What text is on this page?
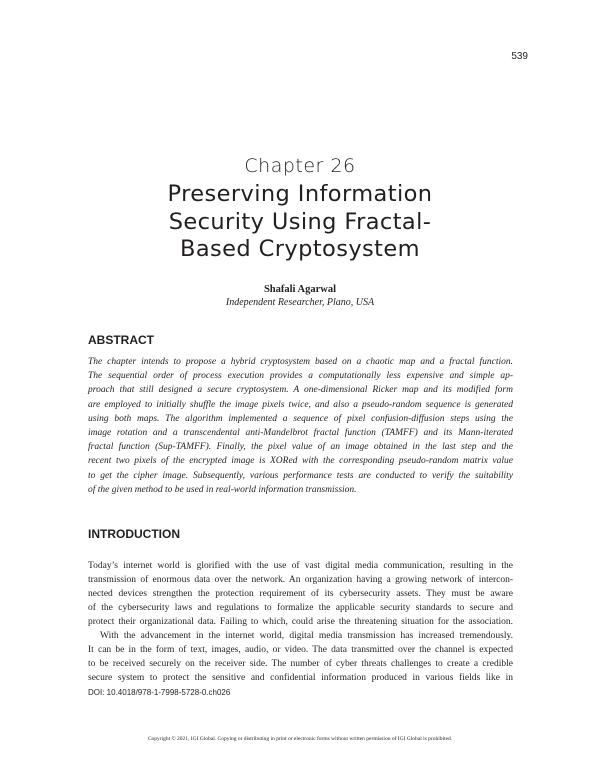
539
Chapter 26
Preserving Information
Security Using Fractal-
Based Cryptosystem
Shafali Agarwal
Independent Researcher, Plano, USA
ABSTRACT
The chapter intends to propose a hybrid cryptosystem based on a chaotic map and a fractal function.
The sequential order of process execution provides a computationally less expensive and simple ap-
proach that still designed a secure cryptosystem. A one-dimensional Ricker map and its modified form
are employed to initially shuffle the image pixels twice, and also a pseudo-random sequence is generated
using both maps. The algorithm implemented a sequence of pixel confusion-diffusion steps using the
image rotation and a transcendental anti-Mandelbrot fractal function (TAMFF) and its Mann-iterated
fractal function (Sup-TAMFF). Finally, the pixel value of an image obtained in the last step and the
recent two pixels of the encrypted image is XORed with the corresponding pseudo-random matrix value
to get the cipher image. Subsequently, various performance tests are conducted to verify the suitability
of the given method to be used in real-world information transmission.
INTRODUCTION
Today’s internet world is glorified with the use of vast digital media communication, resulting in the
transmission of enormous data over the network. An organization having a growing network of intercon-
nected devices strengthen the protection requirement of its cybersecurity assets. They must be aware
of the cybersecurity laws and regulations to formalize the applicable security standards to secure and
protect their organizational data. Failing to which, could arise the threatening situation for the association.
With the advancement in the internet world, digital media transmission has increased tremendously.
It can be in the form of text, images, audio, or video. The data transmitted over the channel is expected
to be received securely on the receiver side. The number of cyber threats challenges to create a credible
secure system to protect the sensitive and confidential information produced in various fields like in
DOI: 10.4018/978-1-7998-5728-0.ch026
Copyright © 2021, IGI Global. Copying or distributing in print or electronic forms without written permission of IGI Global is prohibited.
